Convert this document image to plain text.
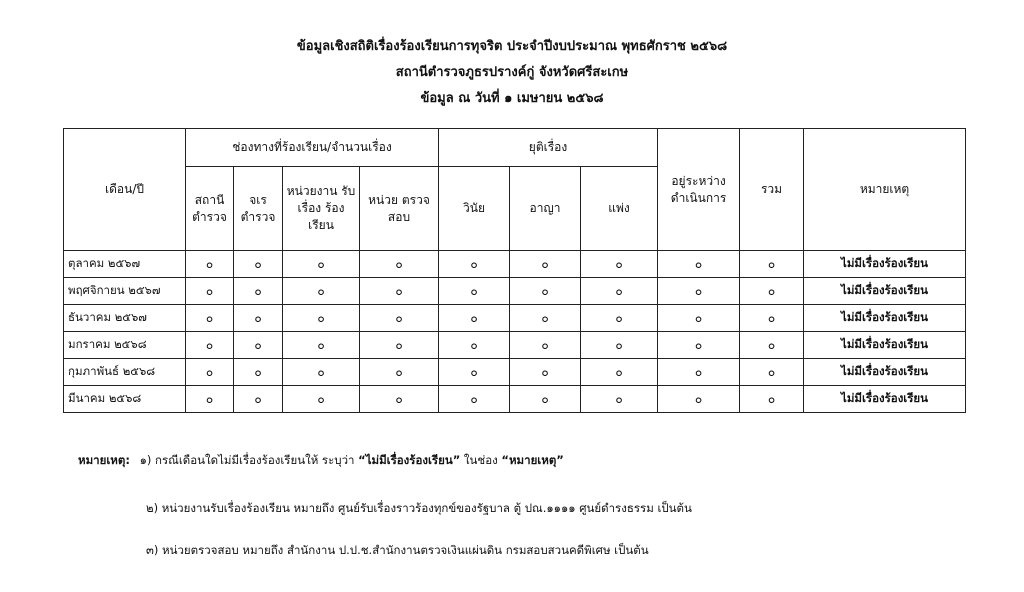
ข้อมูลเชิงสถิติเรื่องร้องเรียนการทุจริต ประจำปีงบประมาณ พุทธศักราช ๒๕๖๘
สถานีตำรวจภูธรปรางค์กู่ จังหวัดศรีสะเกษ
ข้อมูล ณ วันที่ ๑ เมษายน ๒๕๖๘
เดือน/ปี	ช่องทางที่ร้องเรียน/จำนวนเรื่อง				ยุติเรื่อง			อยู่ระหว่าง ดำเนินการ	รวม	หมายเหตุ
	สถานี ตำรวจ	จเร ตำรวจ	หน่วยงาน รับเรื่อง ร้องเรียน	หน่วย ตรวจสอบ	วินัย	อาญา	แพ่ง			
ตุลาคม ๒๕๖๗	๐	๐	๐	๐	๐	๐	๐	๐	๐	ไม่มีเรื่องร้องเรียน
พฤศจิกายน ๒๕๖๗	๐	๐	๐	๐	๐	๐	๐	๐	๐	ไม่มีเรื่องร้องเรียน
ธันวาคม ๒๕๖๗	๐	๐	๐	๐	๐	๐	๐	๐	๐	ไม่มีเรื่องร้องเรียน
มกราคม ๒๕๖๘	๐	๐	๐	๐	๐	๐	๐	๐	๐	ไม่มีเรื่องร้องเรียน
กุมภาพันธ์ ๒๕๖๘	๐	๐	๐	๐	๐	๐	๐	๐	๐	ไม่มีเรื่องร้องเรียน
มีนาคม ๒๕๖๘	๐	๐	๐	๐	๐	๐	๐	๐	๐	ไม่มีเรื่องร้องเรียน
หมายเหตุ: ๑) กรณีเดือนใดไม่มีเรื่องร้องเรียนให้ ระบุว่า “ไม่มีเรื่องร้องเรียน” ในช่อง “หมายเหตุ”
๒) หน่วยงานรับเรื่องร้องเรียน หมายถึง ศูนย์รับเรื่องราวร้องทุกข์ของรัฐบาล ตู้ ปณ.๑๑๑๑ ศูนย์ดำรงธรรม เป็นต้น
๓) หน่วยตรวจสอบ หมายถึง สำนักงาน ป.ป.ช.สำนักงานตรวจเงินแผ่นดิน กรมสอบสวนคดีพิเศษ เป็นต้น
